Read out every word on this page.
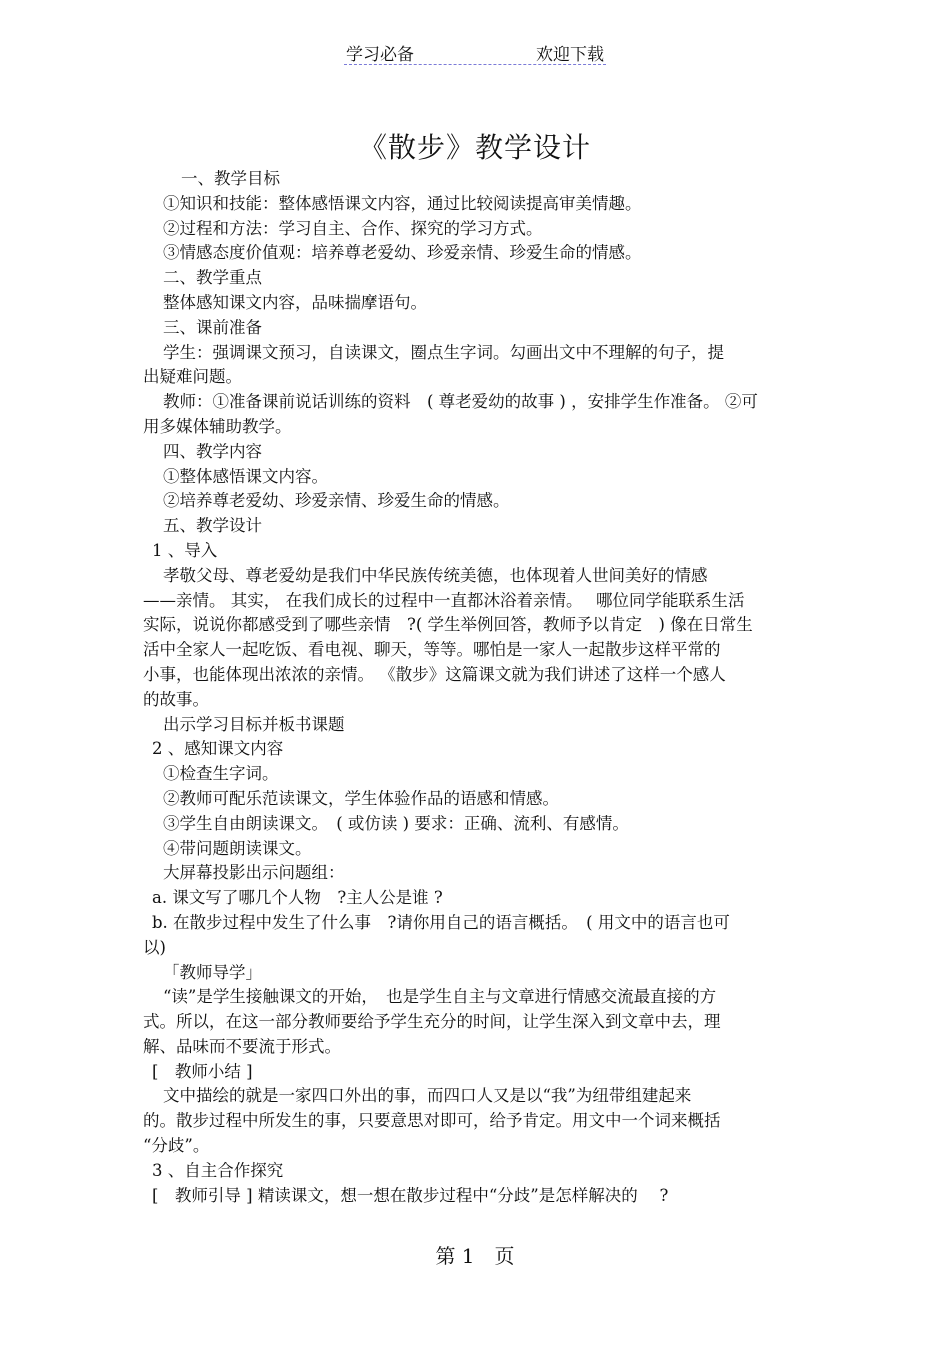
学习必备	欢迎下载
《散步》教学设计
一、教学目标
①知识和技能：整体感悟课文内容，通过比较阅读提高审美情趣。
②过程和方法：学习自主、合作、探究的学习方式。
③情感态度价值观：培养尊老爱幼、珍爱亲情、珍爱生命的情感。
二、教学重点
整体感知课文内容，品味揣摩语句。
三、课前准备
学生：强调课文预习，自读课文，圈点生字词。勾画出文中不理解的句子，提
出疑难问题。
教师：①准备课前说话训练的资料　( 尊老爱幼的故事 ) ，安排学生作准备。 ②可
用多媒体辅助教学。
四、教学内容
①整体感悟课文内容。
②培养尊老爱幼、珍爱亲情、珍爱生命的情感。
五、教学设计
1 、导入
孝敬父母、尊老爱幼是我们中华民族传统美德，也体现着人世间美好的情感
——亲情。 其实， 在我们成长的过程中一直都沐浴着亲情。　 哪位同学能联系生活
实际，说说你都感受到了哪些亲情　?( 学生举例回答，教师予以肯定　) 像在日常生
活中全家人一起吃饭、看电视、聊天，等等。哪怕是一家人一起散步这样平常的
小事，也能体现出浓浓的亲情。 《散步》这篇课文就为我们讲述了这样一个感人
的故事。
出示学习目标并板书课题
2 、感知课文内容
①检查生字词。
②教师可配乐范读课文，学生体验作品的语感和情感。
③学生自由朗读课文。　( 或仿读 ) 要求：正确、流利、有感情。
④带问题朗读课文。
大屏幕投影出示问题组：
a. 课文写了哪几个人物　?主人公是谁 ?
b. 在散步过程中发生了什么事　?请你用自己的语言概括。　( 用文中的语言也可
以)
「教师导学」
“读”是学生接触课文的开始，　也是学生自主与文章进行情感交流最直接的方
式。所以，在这一部分教师要给予学生充分的时间，让学生深入到文章中去，理
解、品味而不要流于形式。
[　教师小结 ]
文中描绘的就是一家四口外出的事，而四口人又是以“我”为纽带组建起来
的。散步过程中所发生的事，只要意思对即可，给予肯定。用文中一个词来概括
“分歧”。
3 、自主合作探究
[　教师引导 ] 精读课文，想一想在散步过程中“分歧”是怎样解决的　 ?
第 1　页
